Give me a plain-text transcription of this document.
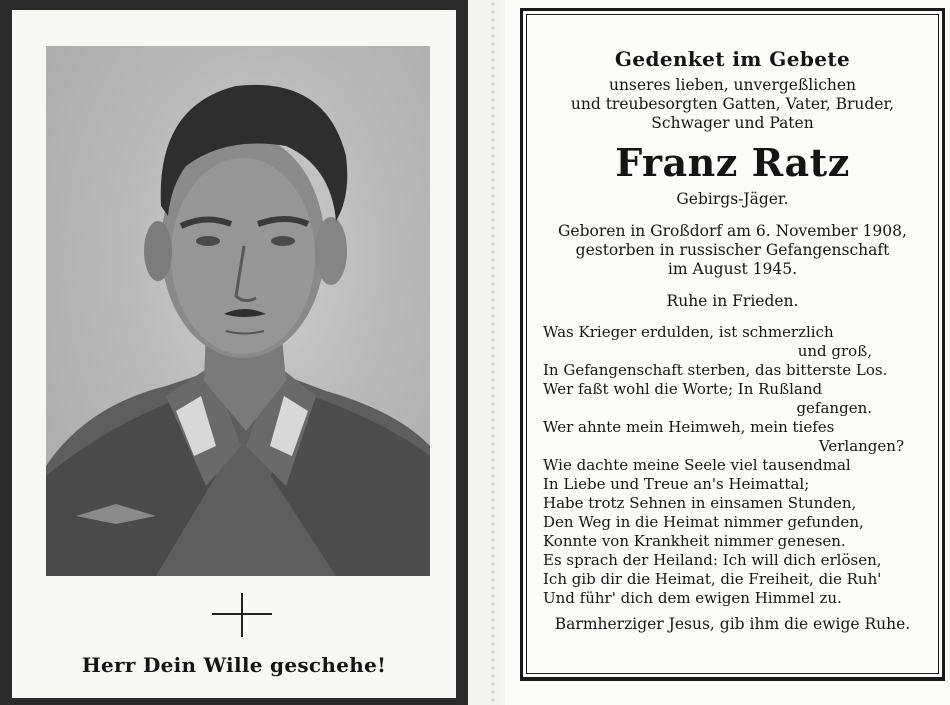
Herr Dein Wille geschehe!
Gedenket im Gebete
unseres lieben, unvergeßlichen
und treubesorgten Gatten, Vater, Bruder,
Schwager und Paten
Franz Ratz
Gebirgs-Jäger.
Geboren in Großdorf am 6. November 1908,
gestorben in russischer Gefangenschaft
im August 1945.
Ruhe in Frieden.
Was Krieger erdulden, ist schmerzlich
und groß,
In Gefangenschaft sterben, das bitterste Los.
Wer faßt wohl die Worte; In Rußland
gefangen.
Wer ahnte mein Heimweh, mein tiefes
Verlangen?
Wie dachte meine Seele viel tausendmal
In Liebe und Treue an's Heimattal;
Habe trotz Sehnen in einsamen Stunden,
Den Weg in die Heimat nimmer gefunden,
Konnte von Krankheit nimmer genesen.
Es sprach der Heiland: Ich will dich erlösen,
Ich gib dir die Heimat, die Freiheit, die Ruh'
Und führ' dich dem ewigen Himmel zu.
Barmherziger Jesus, gib ihm die ewige Ruhe.
